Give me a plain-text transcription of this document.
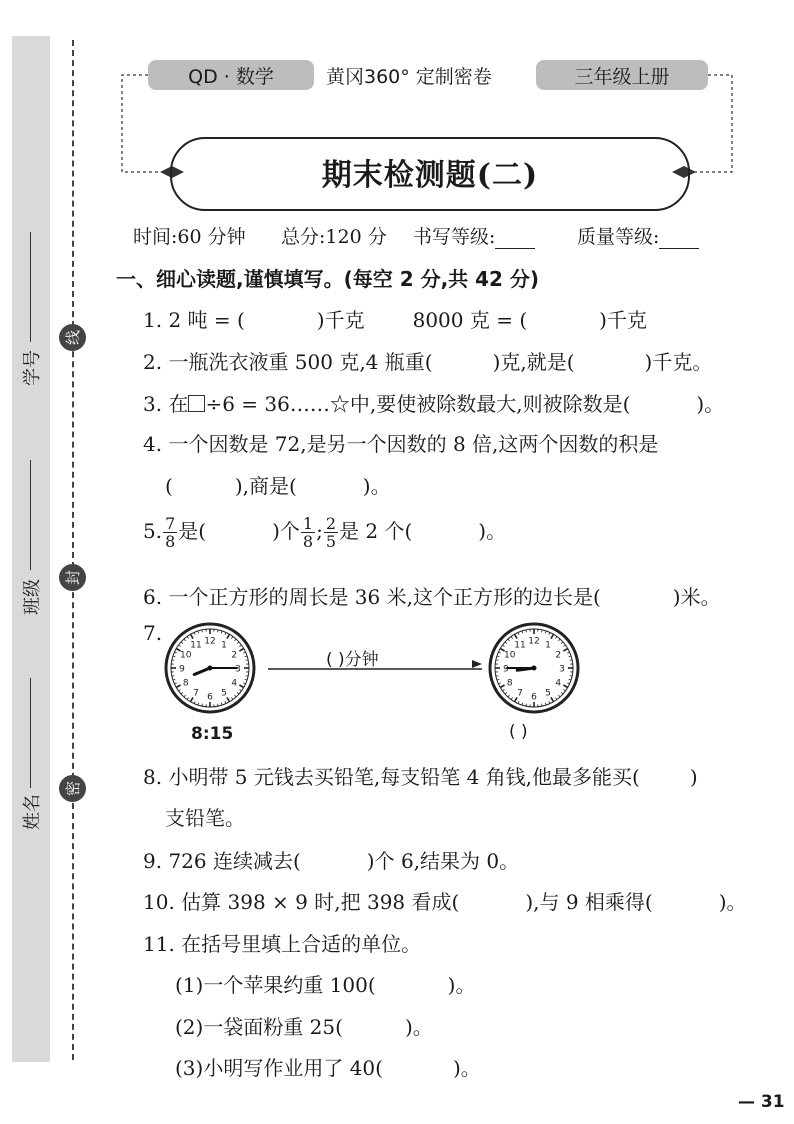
学号
班级
姓名
线
封
密
QD · 数学	黄冈360° 定制密卷	三年级上册
期末检测题(二)
时间:60 分钟 总分:120 分 书写等级:	质量等级:
一、细心读题,谨慎填写。(每空 2 分,共 42 分)
1. 2 吨 = (	)千克 8000 克 = (	)千克
2. 一瓶洗衣液重 500 克,4 瓶重(	)克,就是(	)千克。
3. 在 ÷6 = 36……☆中,要使被除数最大,则被除数是(	)。
4. 一个因数是 72,是另一个因数的 8 倍,这两个因数的积是
(	),商是(	)。
5. $\frac{7}{8}$ 是(	)个 $\frac{1}{8}$ ; $\frac{2}{5}$ 是 2 个(	)。
6. 一个正方形的周长是 36 米,这个正方形的边长是(	)米。
7.
1
2
3
4
5
6
7
8
9
10
11 12	1
2
3
4
5
6
7
8
9
10
11 12
( )分钟
8:15	( )
8. 小明带 5 元钱去买铅笔,每支铅笔 4 角钱,他最多能买(	)
支铅笔。
9. 726 连续减去(	)个 6,结果为 0。
10. 估算 398 × 9 时,把 398 看成(	),与 9 相乘得(	)。
11. 在括号里填上合适的单位。
(1)一个苹果约重 100(	)。
(2)一袋面粉重 25(	)。
(3)小明写作业用了 40(	)。
— 31
